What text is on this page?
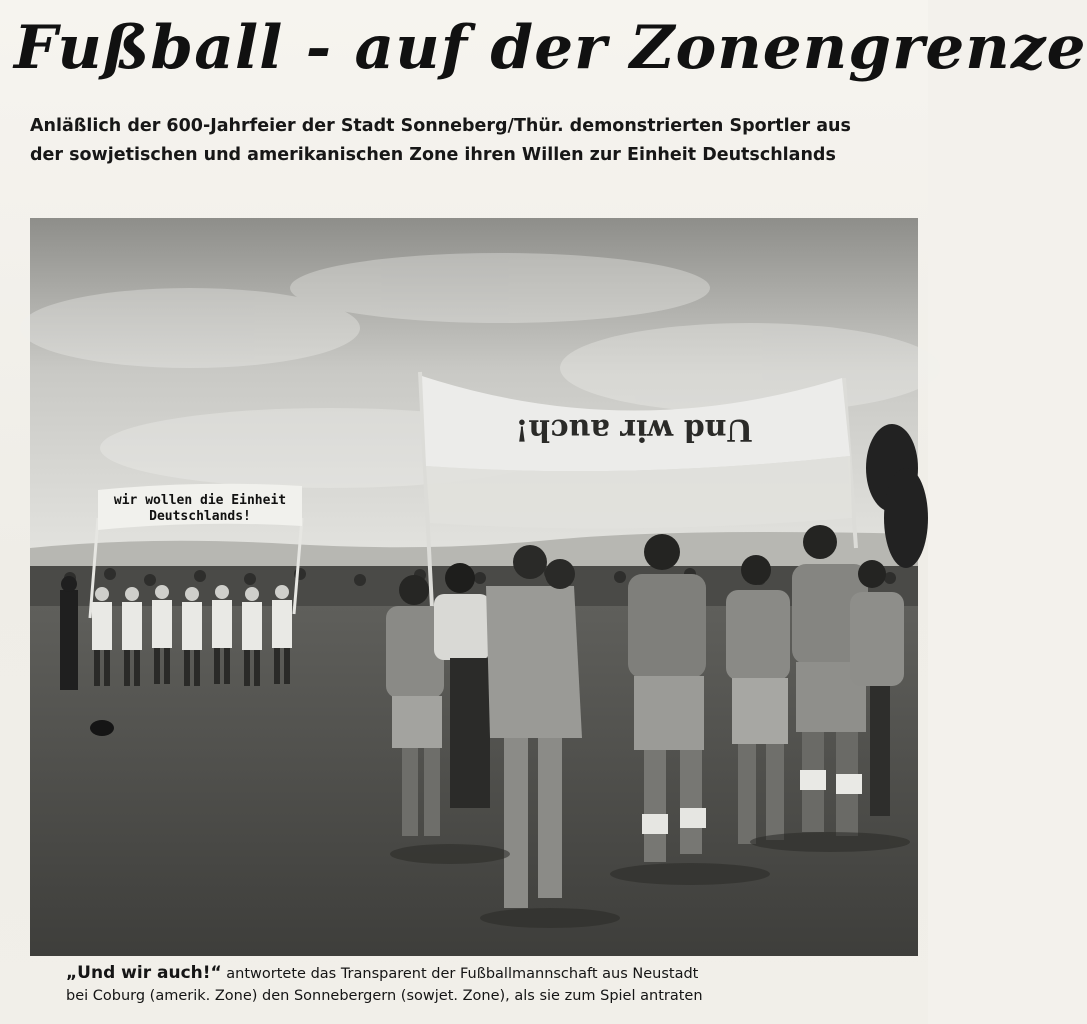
Fußball - auf der Zonengrenze
Anläßlich der 600-Jahrfeier der Stadt Sonneberg/Thür. demonstrierten Sportler aus
der sowjetischen und amerikanischen Zone ihren Willen zur Einheit Deutschlands
wir wollen die Einheit
Deutschlands!
Und wir auch!
„Und wir auch!“ antwortete das Transparent der Fußballmannschaft aus Neustadt
bei Coburg (amerik. Zone) den Sonnebergern (sowjet. Zone), als sie zum Spiel antraten
